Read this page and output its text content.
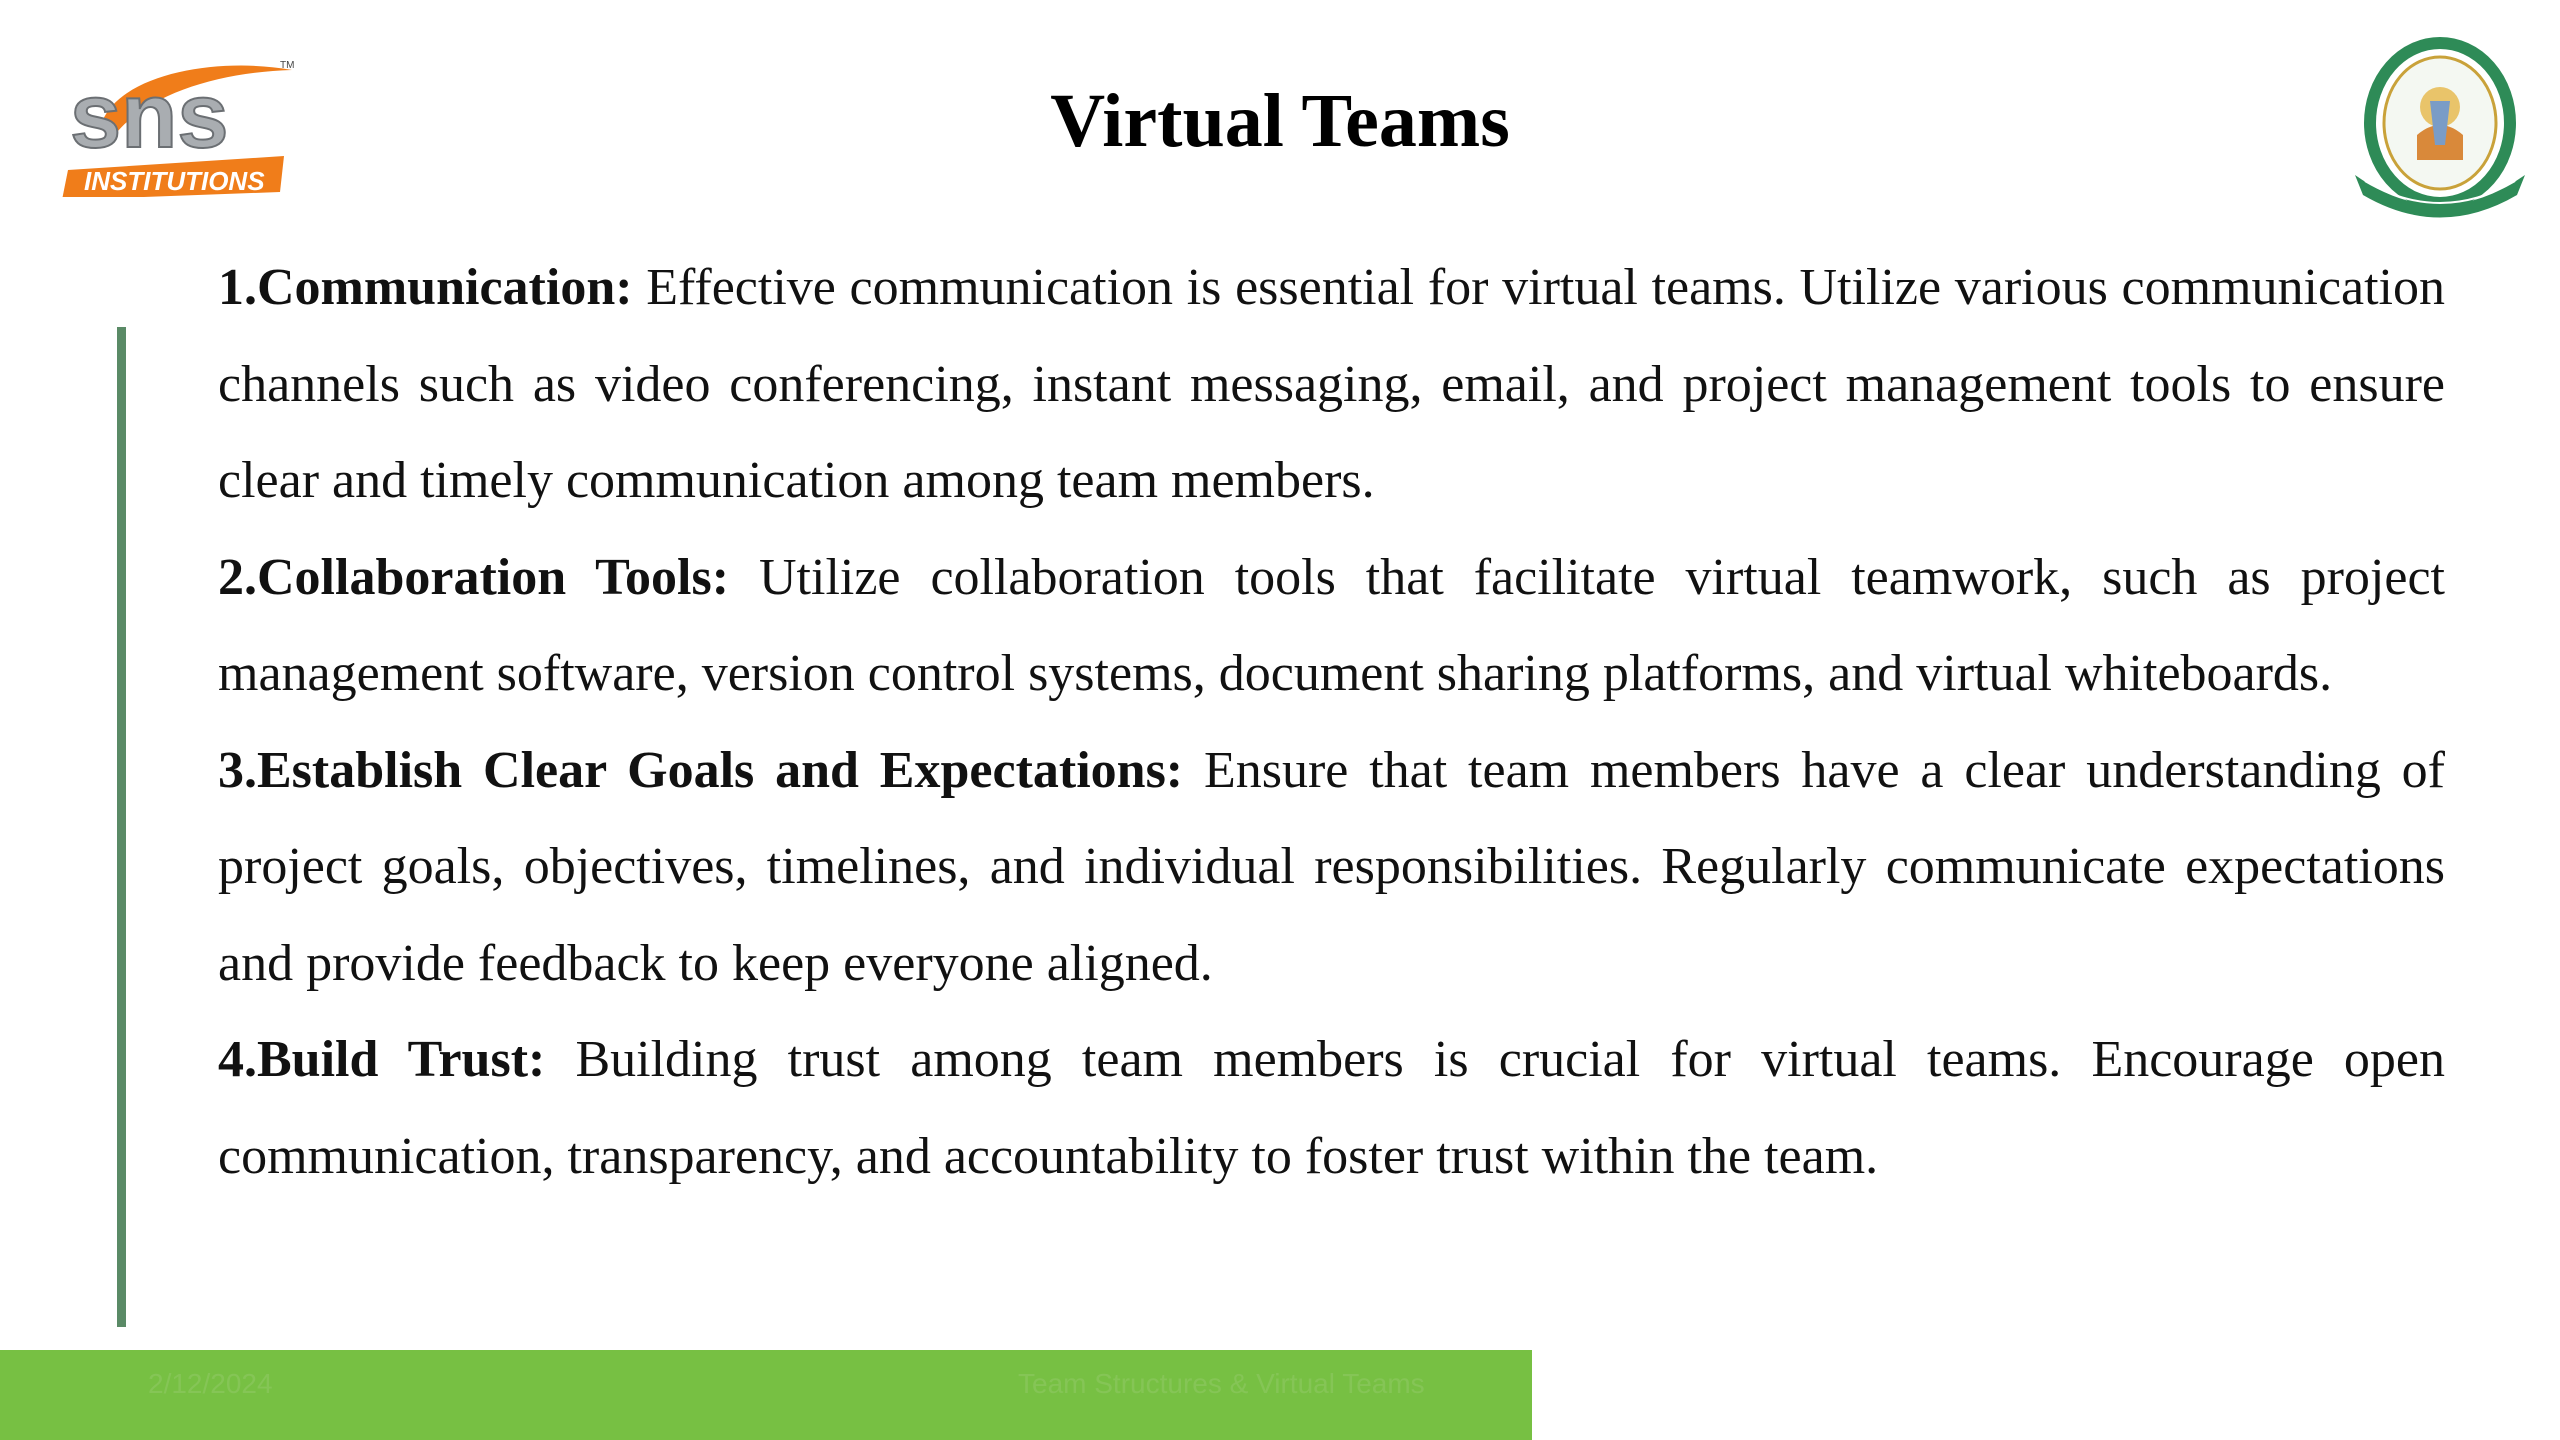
sns
INSTITUTIONS
TM
Virtual Teams

1.Communication: Effective communication is essential for virtual teams. Utilize various communication channels such as video conferencing, instant messaging, email, and project management tools to ensure clear and timely communication among team members.

2.Collaboration Tools: Utilize collaboration tools that facilitate virtual teamwork, such as project management software, version control systems, document sharing platforms, and virtual whiteboards.

3.Establish Clear Goals and Expectations: Ensure that team members have a clear understanding of project goals, objectives, timelines, and individual responsibilities. Regularly communicate expectations and provide feedback to keep everyone aligned.

4.Build Trust: Building trust among team members is crucial for virtual teams. Encourage open communication, transparency, and accountability to foster trust within the team.

2/12/2024	Team Structures & Virtual Teams
